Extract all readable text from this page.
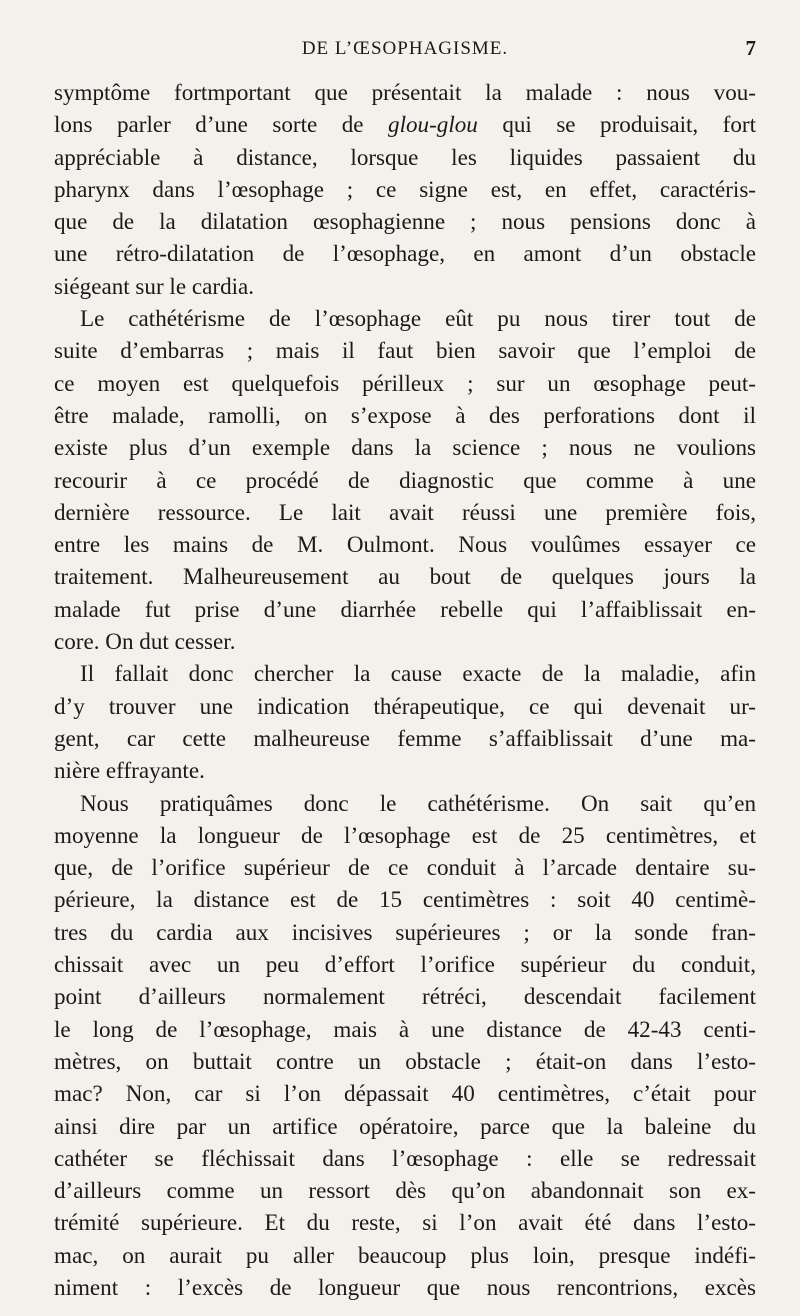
DE L’ŒSOPHAGISME.	7
symptôme fortmportant que présentait la malade : nous vou-
lons parler d’une sorte de glou-glou qui se produisait, fort
appréciable à distance, lorsque les liquides passaient du
pharynx dans l’œsophage ; ce signe est, en effet, caractéris-
que de la dilatation œsophagienne ; nous pensions donc à
une rétro-dilatation de l’œsophage, en amont d’un obstacle
siégeant sur le cardia.
Le cathétérisme de l’œsophage eût pu nous tirer tout de
suite d’embarras ; mais il faut bien savoir que l’emploi de
ce moyen est quelquefois périlleux ; sur un œsophage peut-
être malade, ramolli, on s’expose à des perforations dont il
existe plus d’un exemple dans la science ; nous ne voulions
recourir à ce procédé de diagnostic que comme à une
dernière ressource. Le lait avait réussi une première fois,
entre les mains de M. Oulmont. Nous voulûmes essayer ce
traitement. Malheureusement au bout de quelques jours la
malade fut prise d’une diarrhée rebelle qui l’affaiblissait en-
core. On dut cesser.
Il fallait donc chercher la cause exacte de la maladie, afin
d’y trouver une indication thérapeutique, ce qui devenait ur-
gent, car cette malheureuse femme s’affaiblissait d’une ma-
nière effrayante.
Nous pratiquâmes donc le cathétérisme. On sait qu’en
moyenne la longueur de l’œsophage est de 25 centimètres, et
que, de l’orifice supérieur de ce conduit à l’arcade dentaire su-
périeure, la distance est de 15 centimètres : soit 40 centimè-
tres du cardia aux incisives supérieures ; or la sonde fran-
chissait avec un peu d’effort l’orifice supérieur du conduit,
point d’ailleurs normalement rétréci, descendait facilement
le long de l’œsophage, mais à une distance de 42-43 centi-
mètres, on buttait contre un obstacle ; était-on dans l’esto-
mac? Non, car si l’on dépassait 40 centimètres, c’était pour
ainsi dire par un artifice opératoire, parce que la baleine du
cathéter se fléchissait dans l’œsophage : elle se redressait
d’ailleurs comme un ressort dès qu’on abandonnait son ex-
trémité supérieure. Et du reste, si l’on avait été dans l’esto-
mac, on aurait pu aller beaucoup plus loin, presque indéfi-
niment : l’excès de longueur que nous rencontrions, excès
